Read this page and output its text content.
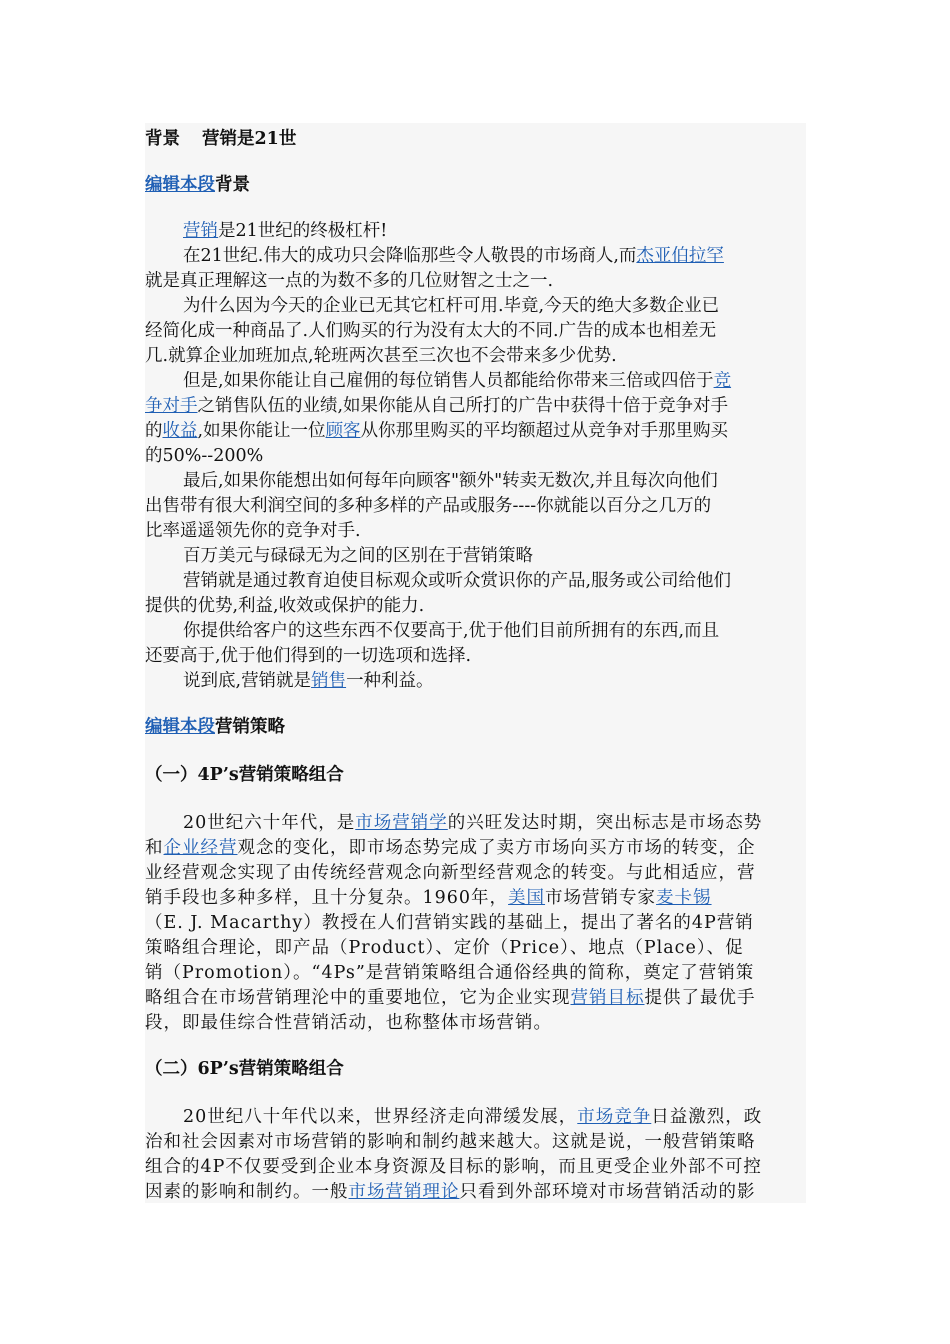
背景 营销是21世
编辑本段背景
营销是21世纪的终极杠杆!
在21世纪.伟大的成功只会降临那些令人敬畏的市场商人,而杰亚伯拉罕
就是真正理解这一点的为数不多的几位财智之士之一.
为什么因为今天的企业已无其它杠杆可用.毕竟,今天的绝大多数企业已
经简化成一种商品了.人们购买的行为没有太大的不同.广告的成本也相差无
几.就算企业加班加点,轮班两次甚至三次也不会带来多少优势.
但是,如果你能让自己雇佣的每位销售人员都能给你带来三倍或四倍于竞
争对手之销售队伍的业绩,如果你能从自己所打的广告中获得十倍于竞争对手
的收益,如果你能让一位顾客从你那里购买的平均额超过从竞争对手那里购买
的50%--200%
最后,如果你能想出如何每年向顾客"额外"转卖无数次,并且每次向他们
出售带有很大利润空间的多种多样的产品或服务----你就能以百分之几万的
比率遥遥领先你的竞争对手.
百万美元与碌碌无为之间的区别在于营销策略
营销就是通过教育迫使目标观众或听众赏识你的产品,服务或公司给他们
提供的优势,利益,收效或保护的能力.
你提供给客户的这些东西不仅要高于,优于他们目前所拥有的东西,而且
还要高于,优于他们得到的一切选项和选择.
说到底,营销就是销售一种利益。
编辑本段营销策略
（一）4P’s营销策略组合
20世纪六十年代，是市场营销学的兴旺发达时期，突出标志是市场态势
和企业经营观念的变化，即市场态势完成了卖方市场向买方市场的转变，企
业经营观念实现了由传统经营观念向新型经营观念的转变。与此相适应，营
销手段也多种多样，且十分复杂。1960年，美国市场营销专家麦卡锡
（E. J. Macarthy）教授在人们营销实践的基础上，提出了著名的4P营销
策略组合理论，即产品（Product）、定价（Price）、地点（Place）、促
销（Promotion）。“4Ps”是营销策略组合通俗经典的简称，奠定了营销策
略组合在市场营销理沦中的重要地位，它为企业实现营销目标提供了最优手
段，即最佳综合性营销活动，也称整体市场营销。
（二）6P’s营销策略组合
20世纪八十年代以来，世界经济走向滞缓发展，市场竞争日益激烈，政
治和社会因素对市场营销的影响和制约越来越大。这就是说，一般营销策略
组合的4P不仅要受到企业本身资源及目标的影响，而且更受企业外部不可控
因素的影响和制约。一般市场营销理论只看到外部环境对市场营销活动的影
